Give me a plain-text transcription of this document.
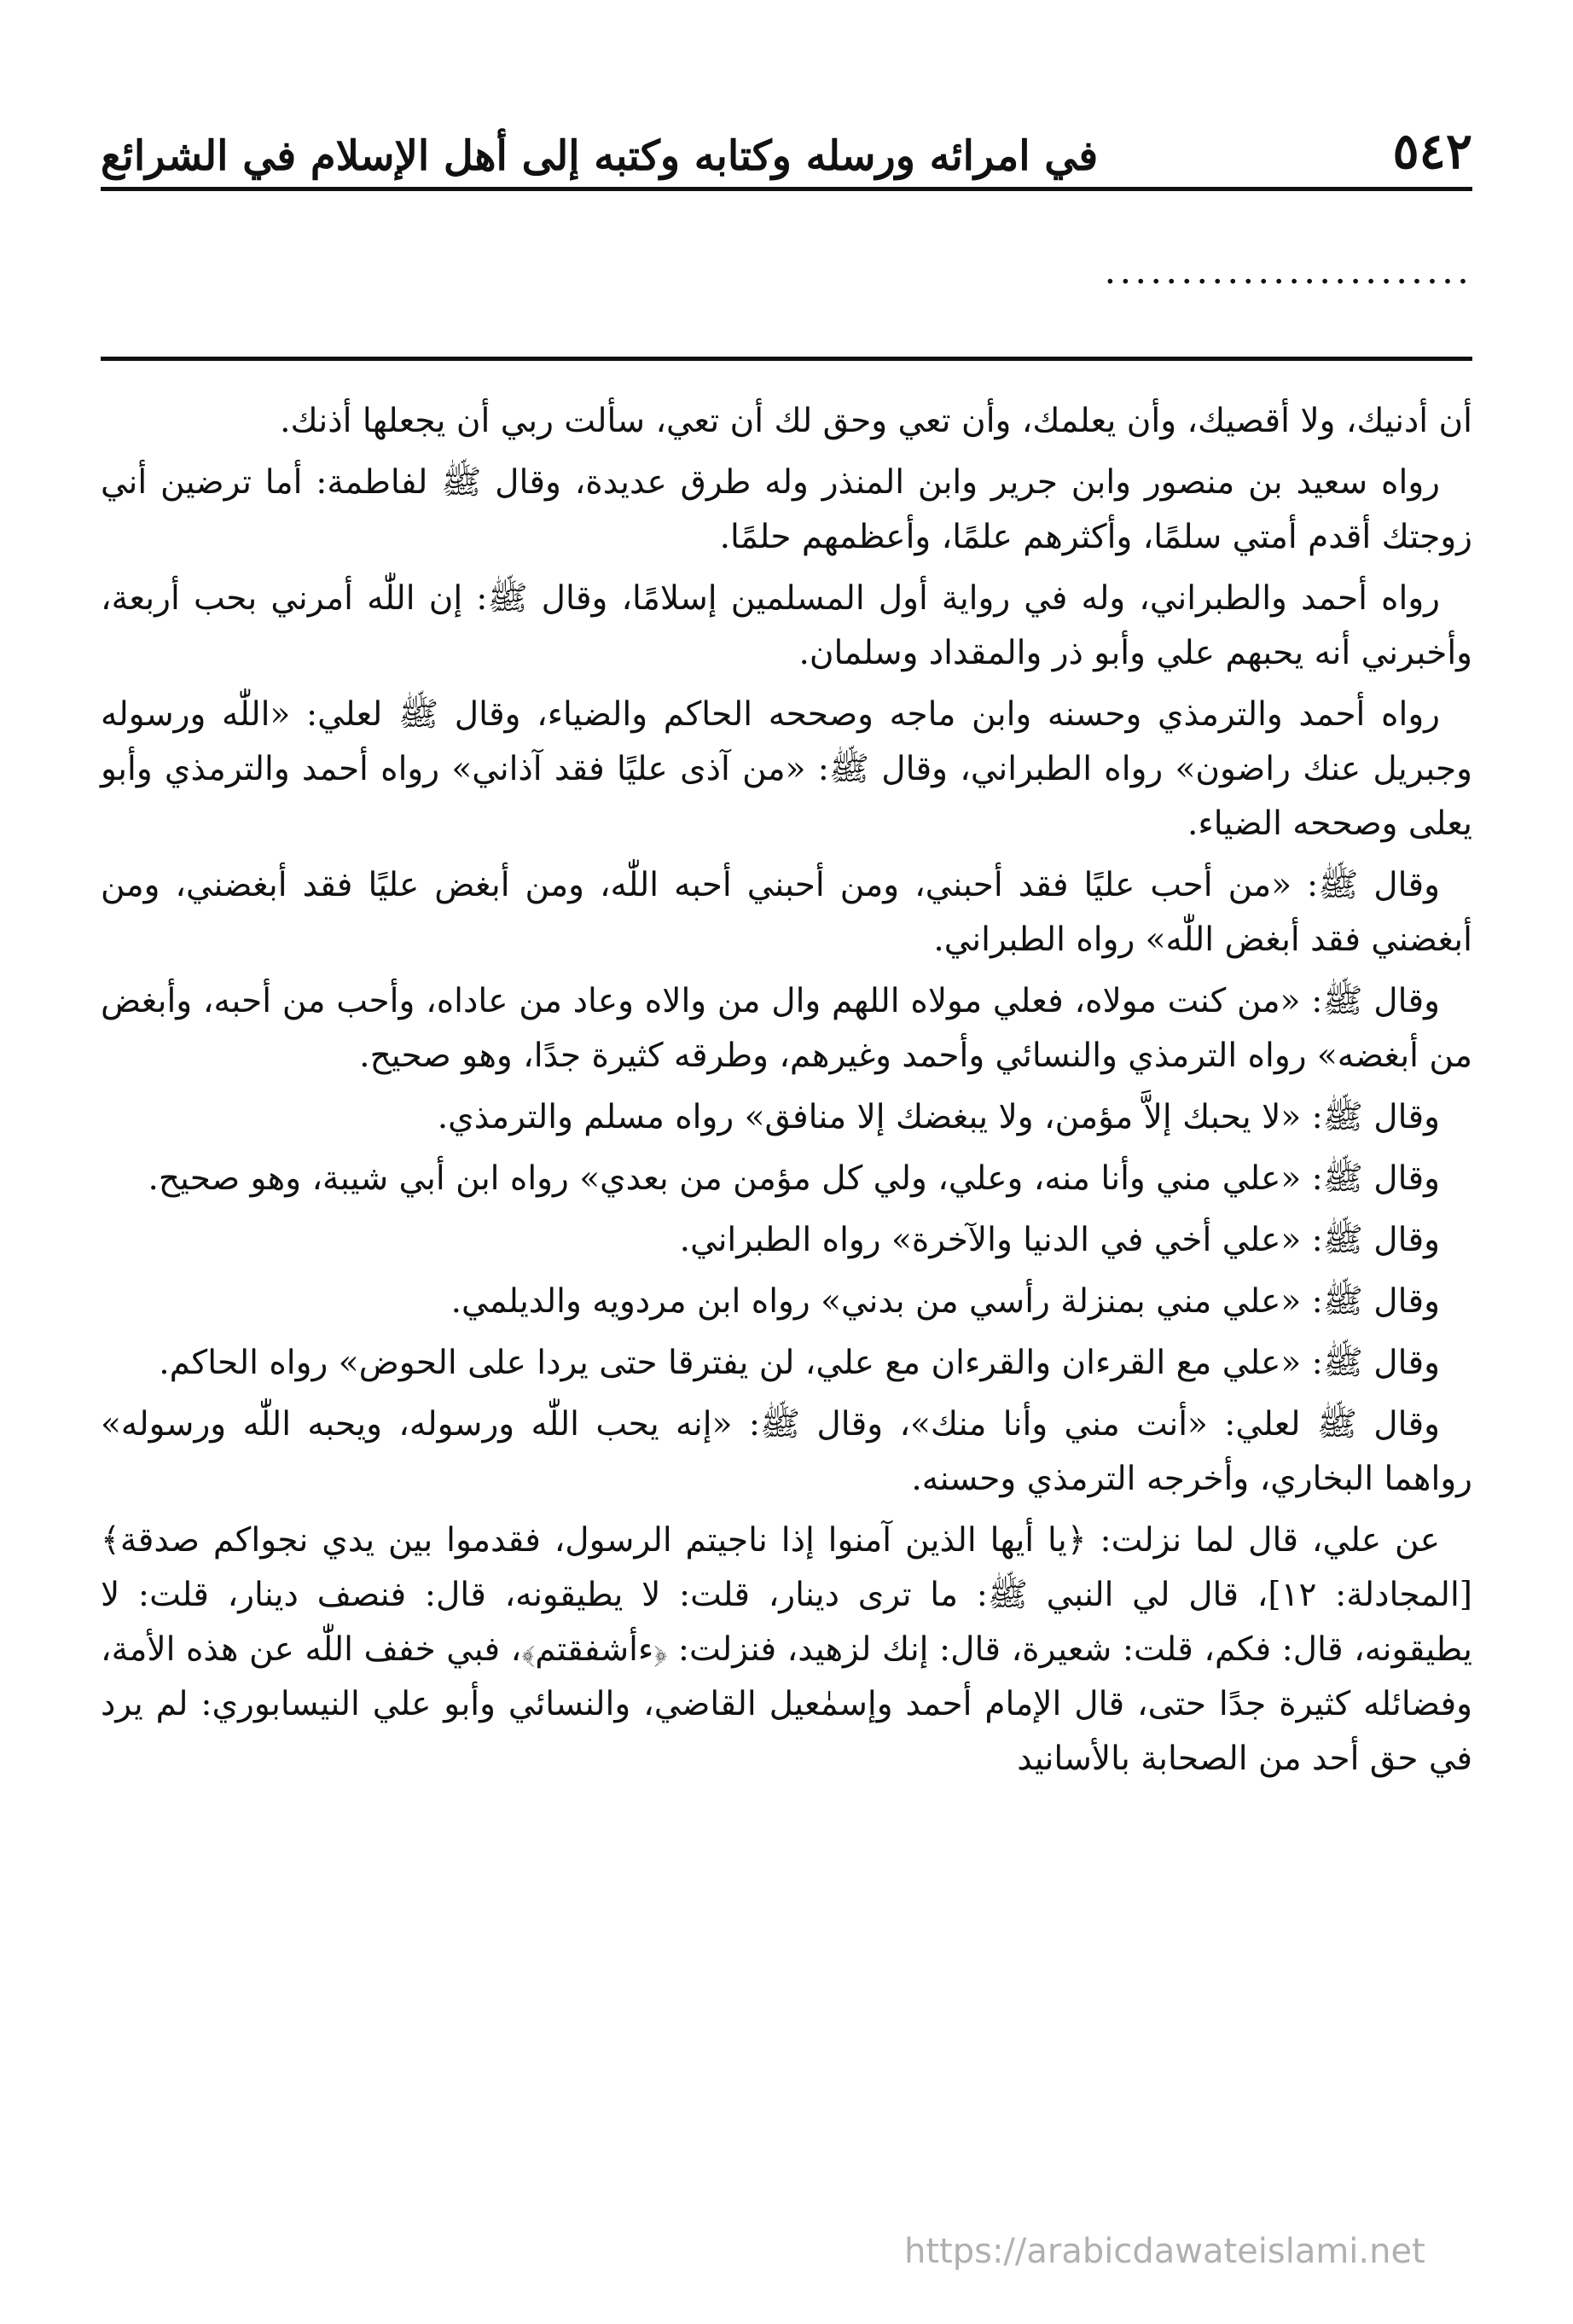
٥٤٢
في امرائه ورسله وكتابه وكتبه إلى أهل الإسلام في الشرائع
........................

أن أدنيك، ولا أقصيك، وأن يعلمك، وأن تعي وحق لك أن تعي، سألت ربي أن يجعلها أذنك.

رواه سعيد بن منصور وابن جرير وابن المنذر وله طرق عديدة، وقال ﷺ لفاطمة: أما ترضين أني زوجتك أقدم أمتي سلمًا، وأكثرهم علمًا، وأعظمهم حلمًا.

رواه أحمد والطبراني، وله في رواية أول المسلمين إسلامًا، وقال ﷺ: إن اللّٰه أمرني بحب أربعة، وأخبرني أنه يحبهم علي وأبو ذر والمقداد وسلمان.

رواه أحمد والترمذي وحسنه وابن ماجه وصححه الحاكم والضياء، وقال ﷺ لعلي: «اللّٰه ورسوله وجبريل عنك راضون» رواه الطبراني، وقال ﷺ: «من آذى عليًا فقد آذاني» رواه أحمد والترمذي وأبو يعلى وصححه الضياء.

وقال ﷺ: «من أحب عليًا فقد أحبني، ومن أحبني أحبه اللّٰه، ومن أبغض عليًا فقد أبغضني، ومن أبغضني فقد أبغض اللّٰه» رواه الطبراني.

وقال ﷺ: «من كنت مولاه، فعلي مولاه اللهم وال من والاه وعاد من عاداه، وأحب من أحبه، وأبغض من أبغضه» رواه الترمذي والنسائي وأحمد وغيرهم، وطرقه كثيرة جدًا، وهو صحيح.

وقال ﷺ: «لا يحبك إلاَّ مؤمن، ولا يبغضك إلا منافق» رواه مسلم والترمذي.

وقال ﷺ: «علي مني وأنا منه، وعلي، ولي كل مؤمن من بعدي» رواه ابن أبي شيبة، وهو صحيح.

وقال ﷺ: «علي أخي في الدنيا والآخرة» رواه الطبراني.

وقال ﷺ: «علي مني بمنزلة رأسي من بدني» رواه ابن مردويه والديلمي.

وقال ﷺ: «علي مع القرءان والقرءان مع علي، لن يفترقا حتى يردا على الحوض» رواه الحاكم.

وقال ﷺ لعلي: «أنت مني وأنا منك»، وقال ﷺ: «إنه يحب اللّٰه ورسوله، ويحبه اللّٰه ورسوله» رواهما البخاري، وأخرجه الترمذي وحسنه.

عن علي، قال لما نزلت: ﴿يا أيها الذين آمنوا إذا ناجيتم الرسول، فقدموا بين يدي نجواكم صدقة﴾ [المجادلة: ١٢]، قال لي النبي ﷺ: ما ترى دينار، قلت: لا يطيقونه، قال: فنصف دينار، قلت: لا يطيقونه، قال: فكم، قلت: شعيرة، قال: إنك لزهيد، فنزلت: ﴿ءأشفقتم﴾، فبي خفف اللّٰه عن هذه الأمة، وفضائله كثيرة جدًا حتى، قال الإمام أحمد وإسمٰعيل القاضي، والنسائي وأبو علي النيسابوري: لم يرد في حق أحد من الصحابة بالأسانيد

https://arabicdawateislami.net
